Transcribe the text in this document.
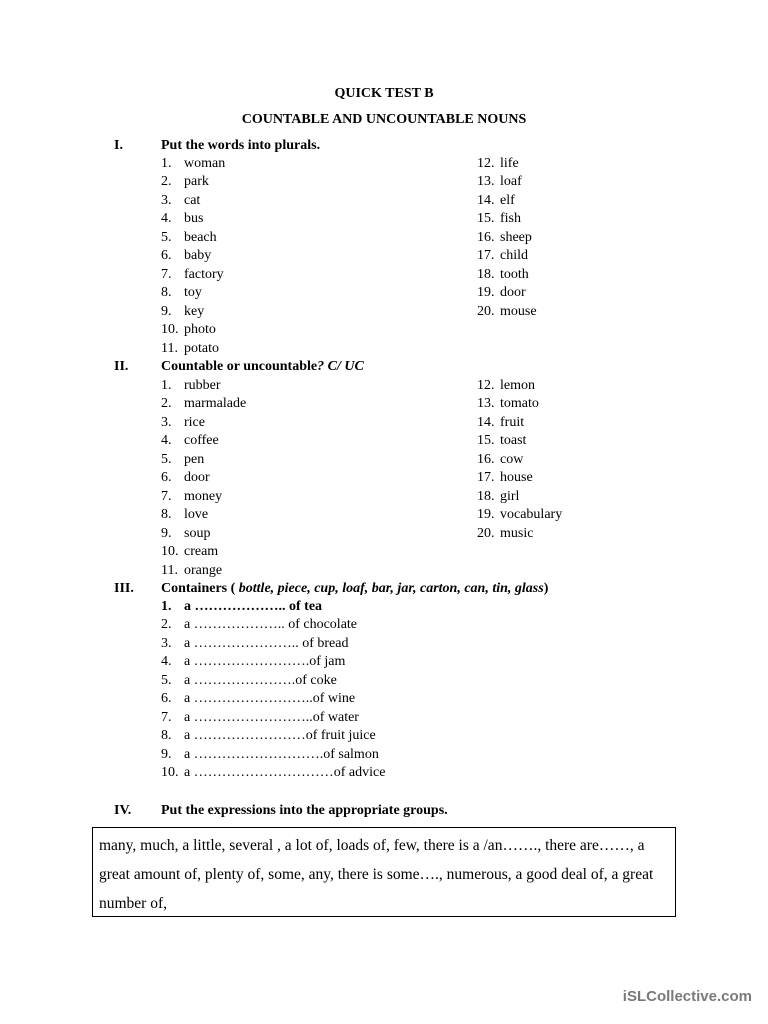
QUICK TEST B
COUNTABLE AND UNCOUNTABLE NOUNS
I.	Put the words into plurals.
1. woman
2. park
3. cat
4. bus
5. beach
6. baby
7. factory
8. toy
9. key
10. photo
11. potato
12. life
13. loaf
14. elf
15. fish
16. sheep
17. child
18. tooth
19. door
20. mouse
II. Countable or uncountable? C/ UC
1. rubber
2. marmalade
3. rice
4. coffee
5. pen
6. door
7. money
8. love
9. soup
10. cream
11. orange
12. lemon
13. tomato
14. fruit
15. toast
16. cow
17. house
18. girl
19. vocabulary
20. music
III. Containers ( bottle, piece, cup, loaf, bar, jar, carton, can, tin, glass)
1. a ……………….. of tea
2. a ……………….. of chocolate
3. a ………………….. of bread
4. a …………………….of jam
5. a ………………….of coke
6. a ……………………..of wine
7. a ……………………..of water
8. a ……………………of fruit juice
9. a ……………………….of salmon
10. a …………………………of advice
IV. Put the expressions into the appropriate groups.
many, much, a little, several , a lot of, loads of, few, there is a /an……., there are……, a great amount of, plenty of, some, any, there is some…., numerous, a good deal of, a great number of,
iSLCollective.com
